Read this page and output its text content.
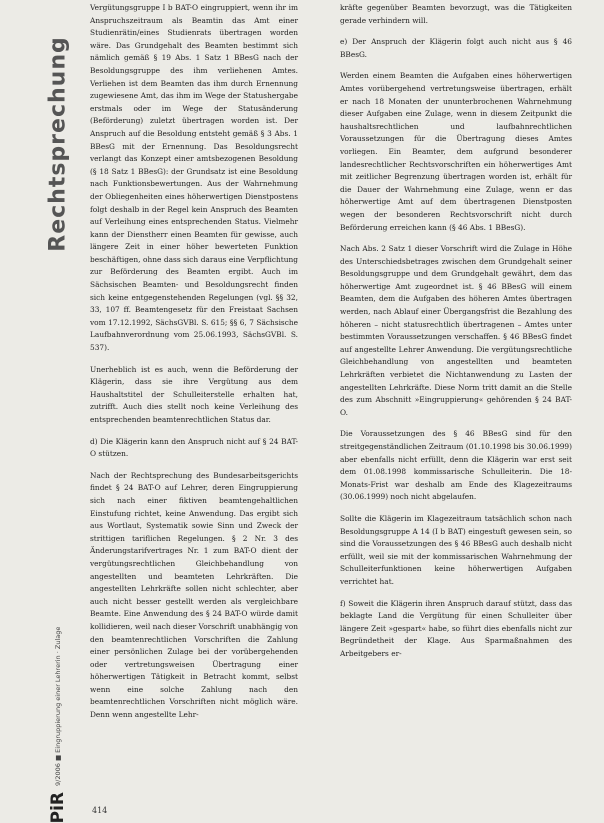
Rechtsprechung
PiR
9/2006 ■ Eingruppierung einer Lehrerin · Zulage

Vergütungsgruppe I b BAT-O eingruppiert, wenn ihr im Anspruchszeitraum als Beamtin das Amt einer Studienrätin/eines Studienrats übertragen worden wäre. Das Grundgehalt des Beamten bestimmt sich nämlich gemäß § 19 Abs. 1 Satz 1 BBesG nach der Besoldungsgruppe des ihm verliehenen Amtes. Verliehen ist dem Beamten das ihm durch Ernennung zugewiesene Amt, das ihm im Wege der Statushergabe erstmals oder im Wege der Statusänderung (Beförderung) zuletzt übertragen worden ist. Der Anspruch auf die Besoldung entsteht gemäß § 3 Abs. 1 BBesG mit der Ernennung. Das Besoldungsrecht verlangt das Konzept einer amtsbezogenen Besoldung (§ 18 Satz 1 BBesG): der Grundsatz ist eine Besoldung nach Funktionsbewertungen. Aus der Wahrnehmung der Obliegenheiten eines höherwertigen Dienstpostens folgt deshalb in der Regel kein Anspruch des Beamten auf Verleihung eines entsprechenden Status. Vielmehr kann der Dienstherr einen Beamten für gewisse, auch längere Zeit in einer höher bewerteten Funktion beschäftigen, ohne dass sich daraus eine Verpflichtung zur Beförderung des Beamten ergibt. Auch im Sächsischen Beamten- und Besoldungsrecht finden sich keine entgegenstehenden Regelungen (vgl. §§ 32, 33, 107 ff. Beamtengesetz für den Freistaat Sachsen vom 17.12.1992, SächsGVBl. S. 615; §§ 6, 7 Sächsische Laufbahnverordnung vom 25.06.1993, SächsGVBl. S. 537).

Unerheblich ist es auch, wenn die Beförderung der Klägerin, dass sie ihre Vergütung aus dem Haushaltstitel der Schulleiterstelle erhalten hat, zutrifft. Auch dies stellt noch keine Verleihung des entsprechenden beamtenrechtlichen Status dar.

d) Die Klägerin kann den Anspruch nicht auf § 24 BAT-O stützen.

Nach der Rechtsprechung des Bundesarbeitsgerichts findet § 24 BAT-O auf Lehrer, deren Eingruppierung sich nach einer fiktiven beamtengehaltlichen Einstufung richtet, keine Anwendung. Das ergibt sich aus Wortlaut, Systematik sowie Sinn und Zweck der strittigen tariflichen Regelungen. § 2 Nr. 3 des Änderungstarifvertrages Nr. 1 zum BAT-O dient der vergütungsrechtlichen Gleichbehandlung von angestellten und beamteten Lehrkräften. Die angestellten Lehrkräfte sollen nicht schlechter, aber auch nicht besser gestellt werden als vergleichbare Beamte. Eine Anwendung des § 24 BAT-O würde damit kollidieren, weil nach dieser Vorschrift unabhängig von den beamtenrechtlichen Vorschriften die Zahlung einer persönlichen Zulage bei der vorübergehenden oder vertretungsweisen Übertragung einer höherwertigen Tätigkeit in Betracht kommt, selbst wenn eine solche Zahlung nach den beamtenrechtlichen Vorschriften nicht möglich wäre. Denn wenn angestellte Lehr-

kräfte gegenüber Beamten bevorzugt, was die Tätigkeiten gerade verhindern will.

e) Der Anspruch der Klägerin folgt auch nicht aus § 46 BBesG.

Werden einem Beamten die Aufgaben eines höherwertigen Amtes vorübergehend vertretungsweise übertragen, erhält er nach 18 Monaten der ununterbrochenen Wahrnehmung dieser Aufgaben eine Zulage, wenn in diesem Zeitpunkt die haushaltsrechtlichen und laufbahnrechtlichen Voraussetzungen für die Übertragung dieses Amtes vorliegen. Ein Beamter, dem aufgrund besonderer landesrechtlicher Rechtsvorschriften ein höherwertiges Amt mit zeitlicher Begrenzung übertragen worden ist, erhält für die Dauer der Wahrnehmung eine Zulage, wenn er das höherwertige Amt auf dem übertragenen Dienstposten wegen der besonderen Rechtsvorschrift nicht durch Beförderung erreichen kann (§ 46 Abs. 1 BBesG).

Nach Abs. 2 Satz 1 dieser Vorschrift wird die Zulage in Höhe des Unterschiedsbetrages zwischen dem Grundgehalt seiner Besoldungsgruppe und dem Grundgehalt gewährt, dem das höherwertige Amt zugeordnet ist. § 46 BBesG will einem Beamten, dem die Aufgaben des höheren Amtes übertragen werden, nach Ablauf einer Übergangsfrist die Bezahlung des höheren – nicht statusrechtlich übertragenen – Amtes unter bestimmten Voraussetzungen verschaffen. § 46 BBesG findet auf angestellte Lehrer Anwendung. Die vergütungsrechtliche Gleichbehandlung von angestellten und beamteten Lehrkräften verbietet die Nichtanwendung zu Lasten der angestellten Lehrkräfte. Diese Norm tritt damit an die Stelle des zum Abschnitt »Eingruppierung« gehörenden § 24 BAT-O.

Die Voraussetzungen des § 46 BBesG sind für den streitgegenständlichen Zeitraum (01.10.1998 bis 30.06.1999) aber ebenfalls nicht erfüllt, denn die Klägerin war erst seit dem 01.08.1998 kommissarische Schulleiterin. Die 18-Monats-Frist war deshalb am Ende des Klagezeitraums (30.06.1999) noch nicht abgelaufen.

Sollte die Klägerin im Klagezeitraum tatsächlich schon nach Besoldungsgruppe A 14 (I b BAT) eingestuft gewesen sein, so sind die Voraussetzungen des § 46 BBesG auch deshalb nicht erfüllt, weil sie mit der kommissarischen Wahrnehmung der Schulleiterfunktionen keine höherwertigen Aufgaben verrichtet hat.

f) Soweit die Klägerin ihren Anspruch darauf stützt, dass das beklagte Land die Vergütung für einen Schulleiter über längere Zeit »gespart« habe, so führt dies ebenfalls nicht zur Begründetheit der Klage. Aus Sparmaßnahmen des Arbeitgebers er-

414
